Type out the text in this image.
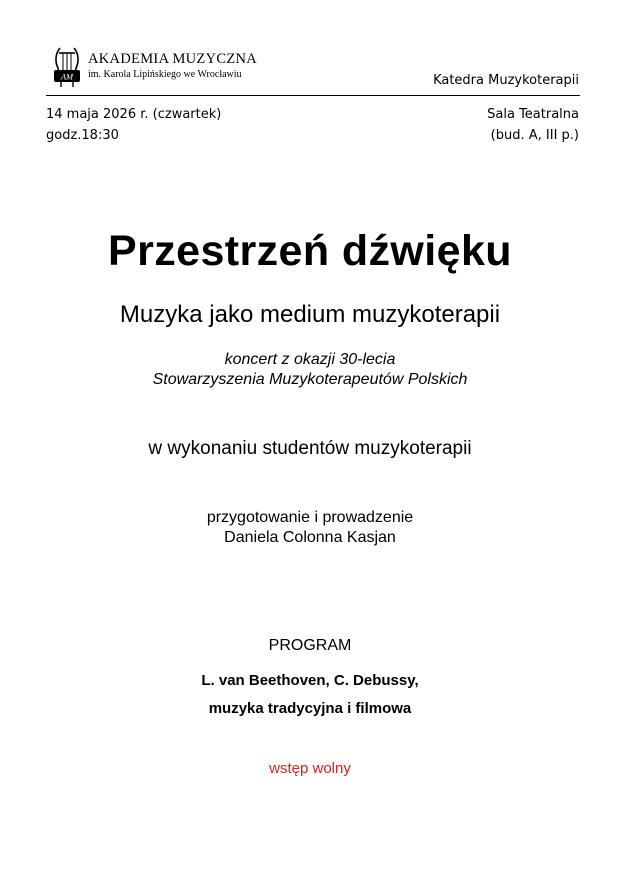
AM
AKADEMIA MUZYCZNA
im. Karola Lipińskiego we Wrocławiu	Katedra Muzykoterapii
14 maja 2026 r. (czwartek)
godz.18:30
Sala Teatralna
(bud. A, III p.)
Przestrzeń dźwięku
Muzyka jako medium muzykoterapii
koncert z okazji 30-lecia
Stowarzyszenia Muzykoterapeutów Polskich
w wykonaniu studentów muzykoterapii
przygotowanie i prowadzenie
Daniela Colonna Kasjan
PROGRAM
L. van Beethoven, C. Debussy,
muzyka tradycyjna i filmowa
wstęp wolny
